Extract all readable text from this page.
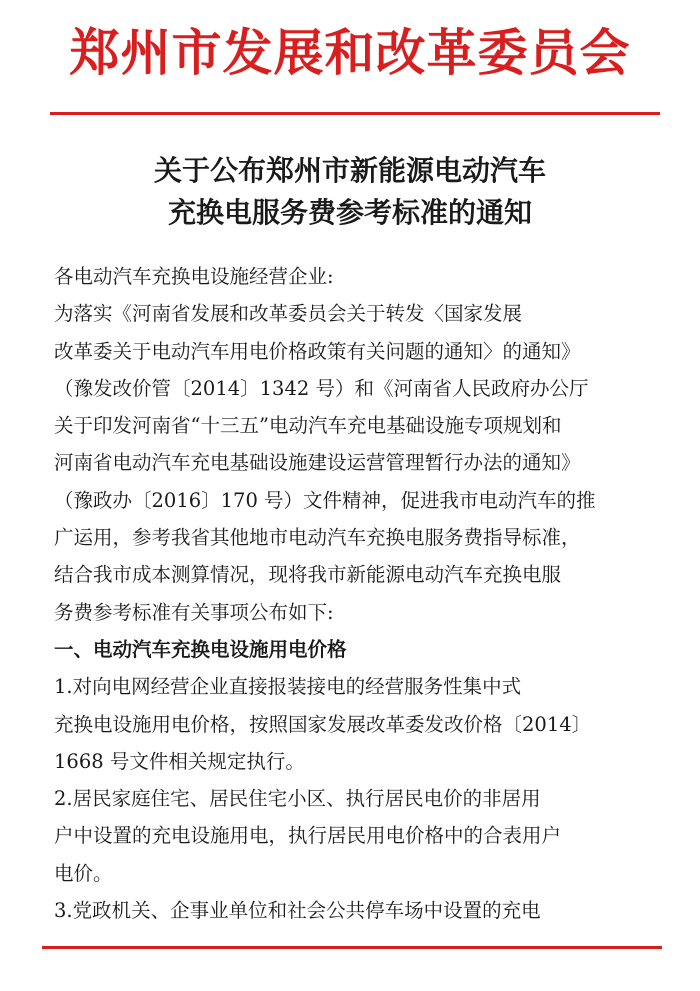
郑州市发展和改革委员会
关于公布郑州市新能源电动汽车
充换电服务费参考标准的通知

各电动汽车充换电设施经营企业:

为落实《河南省发展和改革委员会关于转发〈国家发展

改革委关于电动汽车用电价格政策有关问题的通知〉的通知》

（豫发改价管〔2014〕1342 号）和《河南省人民政府办公厅

关于印发河南省“十三五”电动汽车充电基础设施专项规划和

河南省电动汽车充电基础设施建设运营管理暂行办法的通知》

（豫政办〔2016〕170 号）文件精神，促进我市电动汽车的推

广运用，参考我省其他地市电动汽车充换电服务费指导标准，

结合我市成本测算情况，现将我市新能源电动汽车充换电服

务费参考标准有关事项公布如下:

一、电动汽车充换电设施用电价格

1.对向电网经营企业直接报装接电的经营服务性集中式

充换电设施用电价格，按照国家发展改革委发改价格〔2014〕

1668 号文件相关规定执行。

2.居民家庭住宅、居民住宅小区、执行居民电价的非居用

户中设置的充电设施用电，执行居民用电价格中的合表用户

电价。

3.党政机关、企事业单位和社会公共停车场中设置的充电
